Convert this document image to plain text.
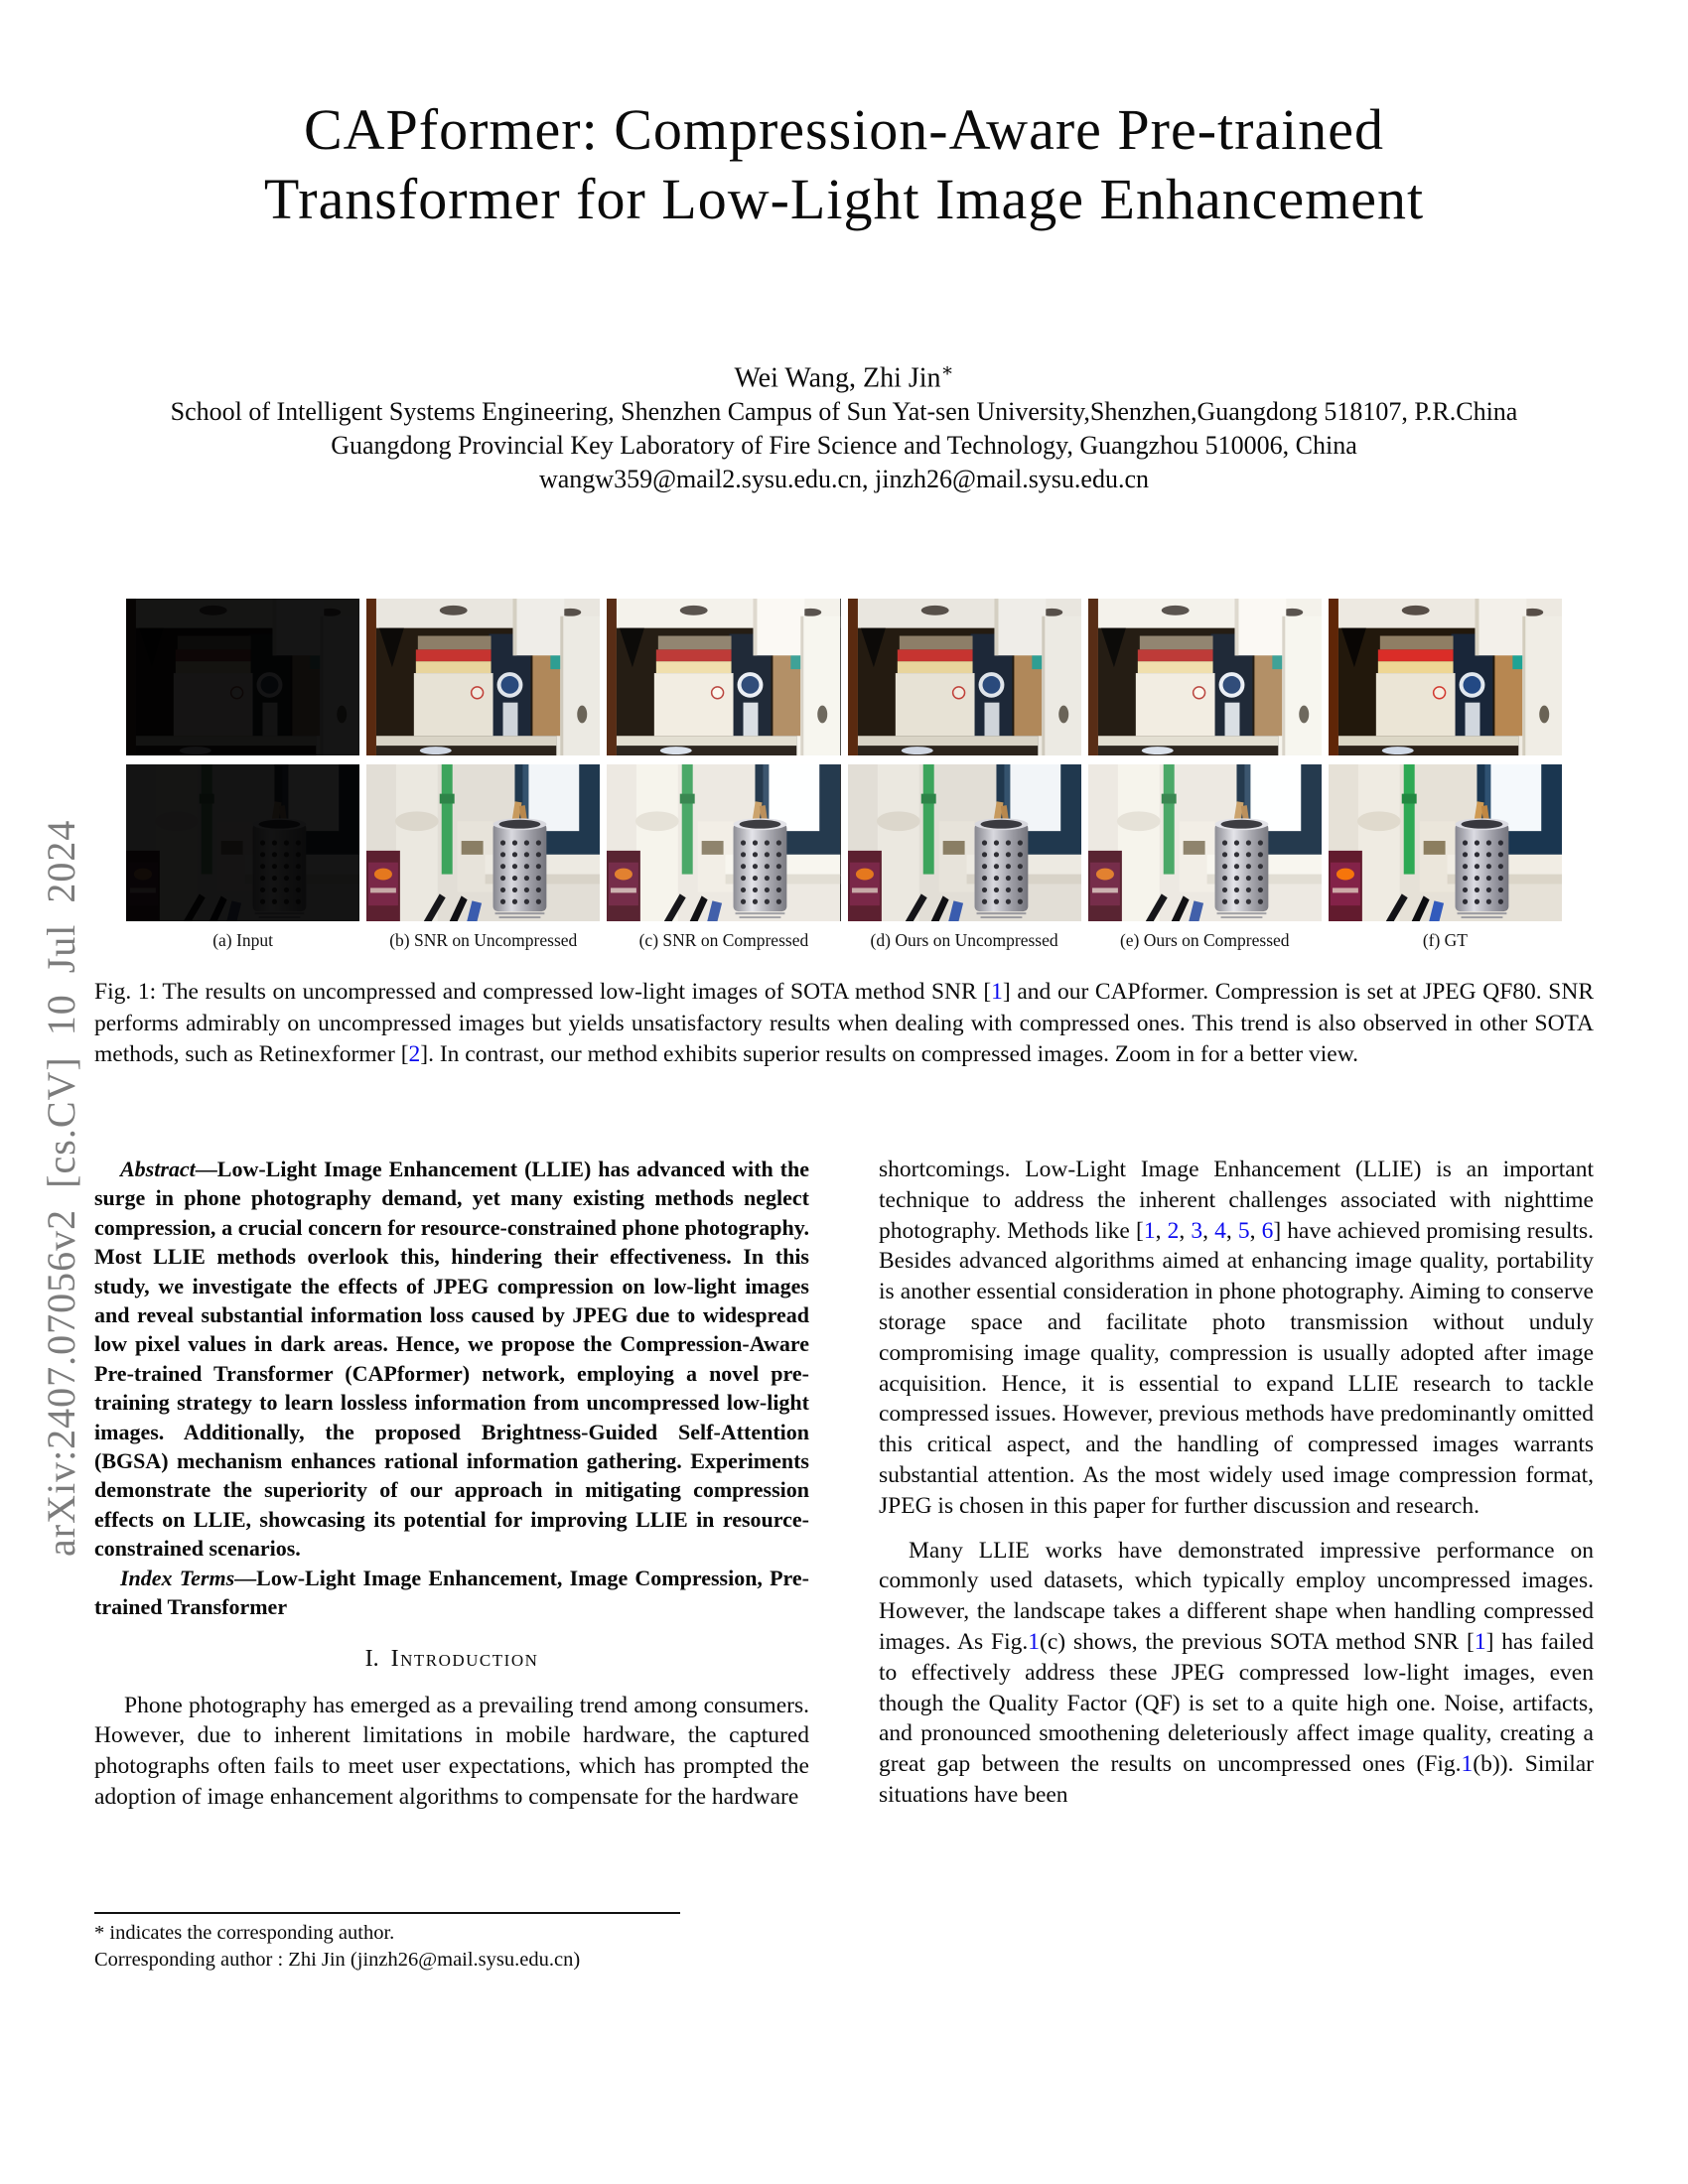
arXiv:2407.07056v2 [cs.CV] 10 Jul 2024
CAPformer: Compression-Aware Pre-trained
Transformer for Low-Light Image Enhancement
Wei Wang, Zhi Jin∗
School of Intelligent Systems Engineering, Shenzhen Campus of Sun Yat-sen University,Shenzhen,Guangdong 518107, P.R.China
Guangdong Provincial Key Laboratory of Fire Science and Technology, Guangzhou 510006, China
wangw359@mail2.sysu.edu.cn, jinzh26@mail.sysu.edu.cn
(a) Input	(b) SNR on Uncompressed	(c) SNR on Compressed	(d) Ours on Uncompressed	(e) Ours on Compressed	(f) GT

Fig. 1: The results on uncompressed and compressed low-light images of SOTA method SNR [1] and our CAPformer. Compression is set at JPEG QF80. SNR performs admirably on uncompressed images but yields unsatisfactory results when dealing with compressed ones. This trend is also observed in other SOTA methods, such as Retinexformer [2]. In contrast, our method exhibits superior results on compressed images. Zoom in for a better view.

Abstract—Low-Light Image Enhancement (LLIE) has advanced with the surge in phone photography demand, yet many existing methods neglect compression, a crucial concern for resource-constrained phone photography. Most LLIE methods overlook this, hindering their effectiveness. In this study, we investigate the effects of JPEG compression on low-light images and reveal substantial information loss caused by JPEG due to widespread low pixel values in dark areas. Hence, we propose the Compression-Aware Pre-trained Transformer (CAPformer) network, employing a novel pre-training strategy to learn lossless information from uncompressed low-light images. Additionally, the proposed Brightness-Guided Self-Attention (BGSA) mechanism enhances rational information gathering. Experiments demonstrate the superiority of our approach in mitigating compression effects on LLIE, showcasing its potential for improving LLIE in resource-constrained scenarios.

Index Terms—Low-Light Image Enhancement, Image Compression, Pre-trained Transformer

I. Introduction

Phone photography has emerged as a prevailing trend among consumers. However, due to inherent limitations in mobile hardware, the captured photographs often fails to meet user expectations, which has prompted the adoption of image enhancement algorithms to compensate for the hardware

shortcomings. Low-Light Image Enhancement (LLIE) is an important technique to address the inherent challenges associated with nighttime photography. Methods like [1, 2, 3, 4, 5, 6] have achieved promising results. Besides advanced algorithms aimed at enhancing image quality, portability is another essential consideration in phone photography. Aiming to conserve storage space and facilitate photo transmission without unduly compromising image quality, compression is usually adopted after image acquisition. Hence, it is essential to expand LLIE research to tackle compressed issues. However, previous methods have predominantly omitted this critical aspect, and the handling of compressed images warrants substantial attention. As the most widely used image compression format, JPEG is chosen in this paper for further discussion and research.

Many LLIE works have demonstrated impressive performance on commonly used datasets, which typically employ uncompressed images. However, the landscape takes a different shape when handling compressed images. As Fig.1(c) shows, the previous SOTA method SNR [1] has failed to effectively address these JPEG compressed low-light images, even though the Quality Factor (QF) is set to a quite high one. Noise, artifacts, and pronounced smoothening deleteriously affect image quality, creating a great gap between the results on uncompressed ones (Fig.1(b)). Similar situations have been

* indicates the corresponding author.
Corresponding author : Zhi Jin (jinzh26@mail.sysu.edu.cn)
